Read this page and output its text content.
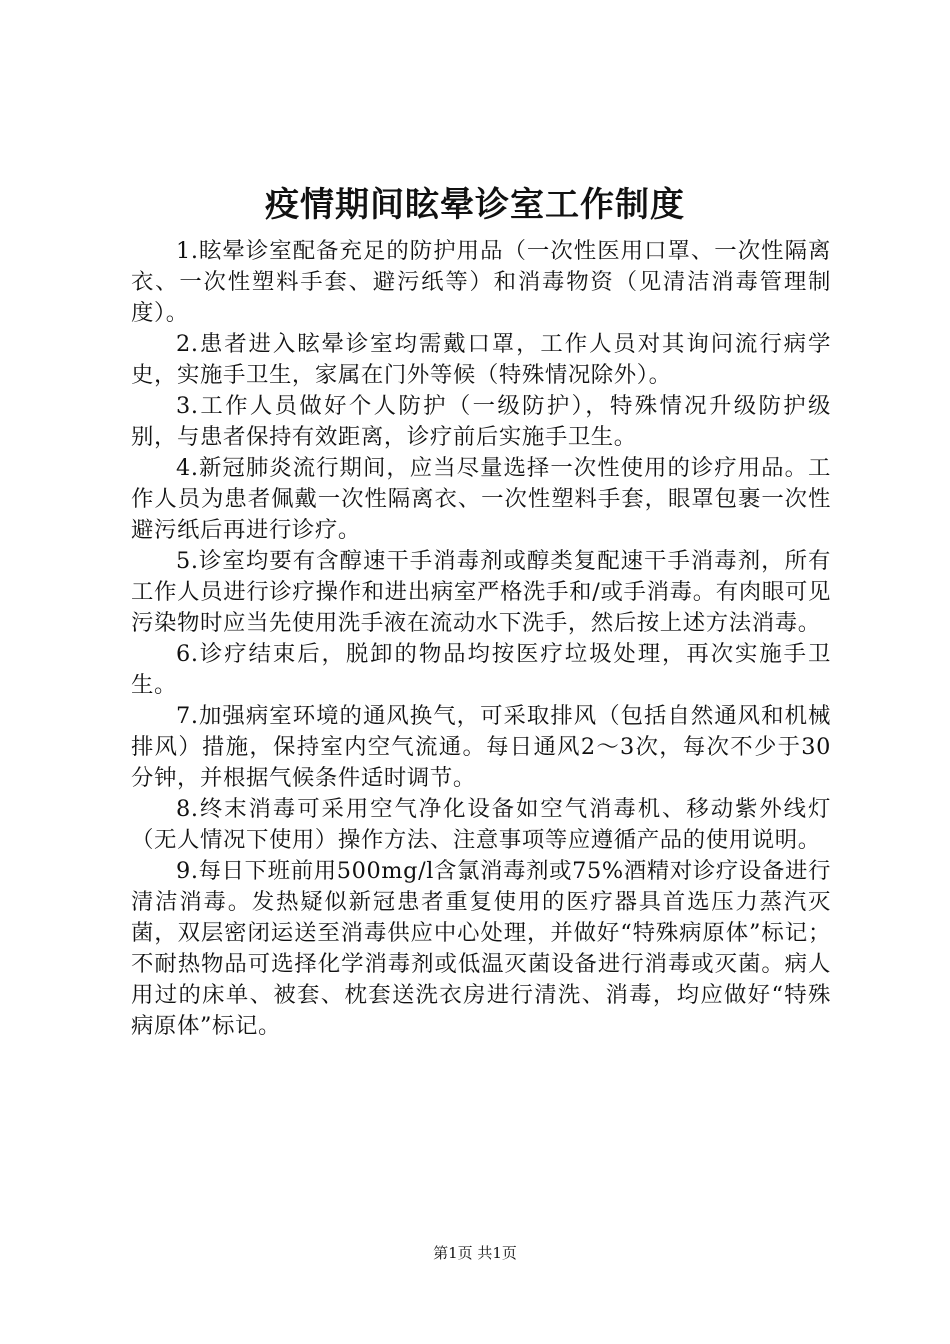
疫情期间眩晕诊室工作制度

1.眩晕诊室配备充足的防护用品（一次性医用口罩、一次性隔离衣、一次性塑料手套、避污纸等）和消毒物资（见清洁消毒管理制度）。

2.患者进入眩晕诊室均需戴口罩，工作人员对其询问流行病学史，实施手卫生，家属在门外等候（特殊情况除外）。

3.工作人员做好个人防护（一级防护），特殊情况升级防护级别，与患者保持有效距离，诊疗前后实施手卫生。

4.新冠肺炎流行期间，应当尽量选择一次性使用的诊疗用品。工作人员为患者佩戴一次性隔离衣、一次性塑料手套，眼罩包裹一次性避污纸后再进行诊疗。

5.诊室均要有含醇速干手消毒剂或醇类复配速干手消毒剂，所有工作人员进行诊疗操作和进出病室严格洗手和/或手消毒。有肉眼可见污染物时应当先使用洗手液在流动水下洗手，然后按上述方法消毒。

6.诊疗结束后，脱卸的物品均按医疗垃圾处理，再次实施手卫生。

7.加强病室环境的通风换气，可采取排风（包括自然通风和机械排风）措施，保持室内空气流通。每日通风2～3次，每次不少于30分钟，并根据气候条件适时调节。

8.终末消毒可采用空气净化设备如空气消毒机、移动紫外线灯（无人情况下使用）操作方法、注意事项等应遵循产品的使用说明。

9.每日下班前用500mg/l含氯消毒剂或75%酒精对诊疗设备进行清洁消毒。发热疑似新冠患者重复使用的医疗器具首选压力蒸汽灭菌，双层密闭运送至消毒供应中心处理，并做好“特殊病原体”标记；不耐热物品可选择化学消毒剂或低温灭菌设备进行消毒或灭菌。病人用过的床单、被套、枕套送洗衣房进行清洗、消毒，均应做好“特殊病原体”标记。

第1页 共1页
